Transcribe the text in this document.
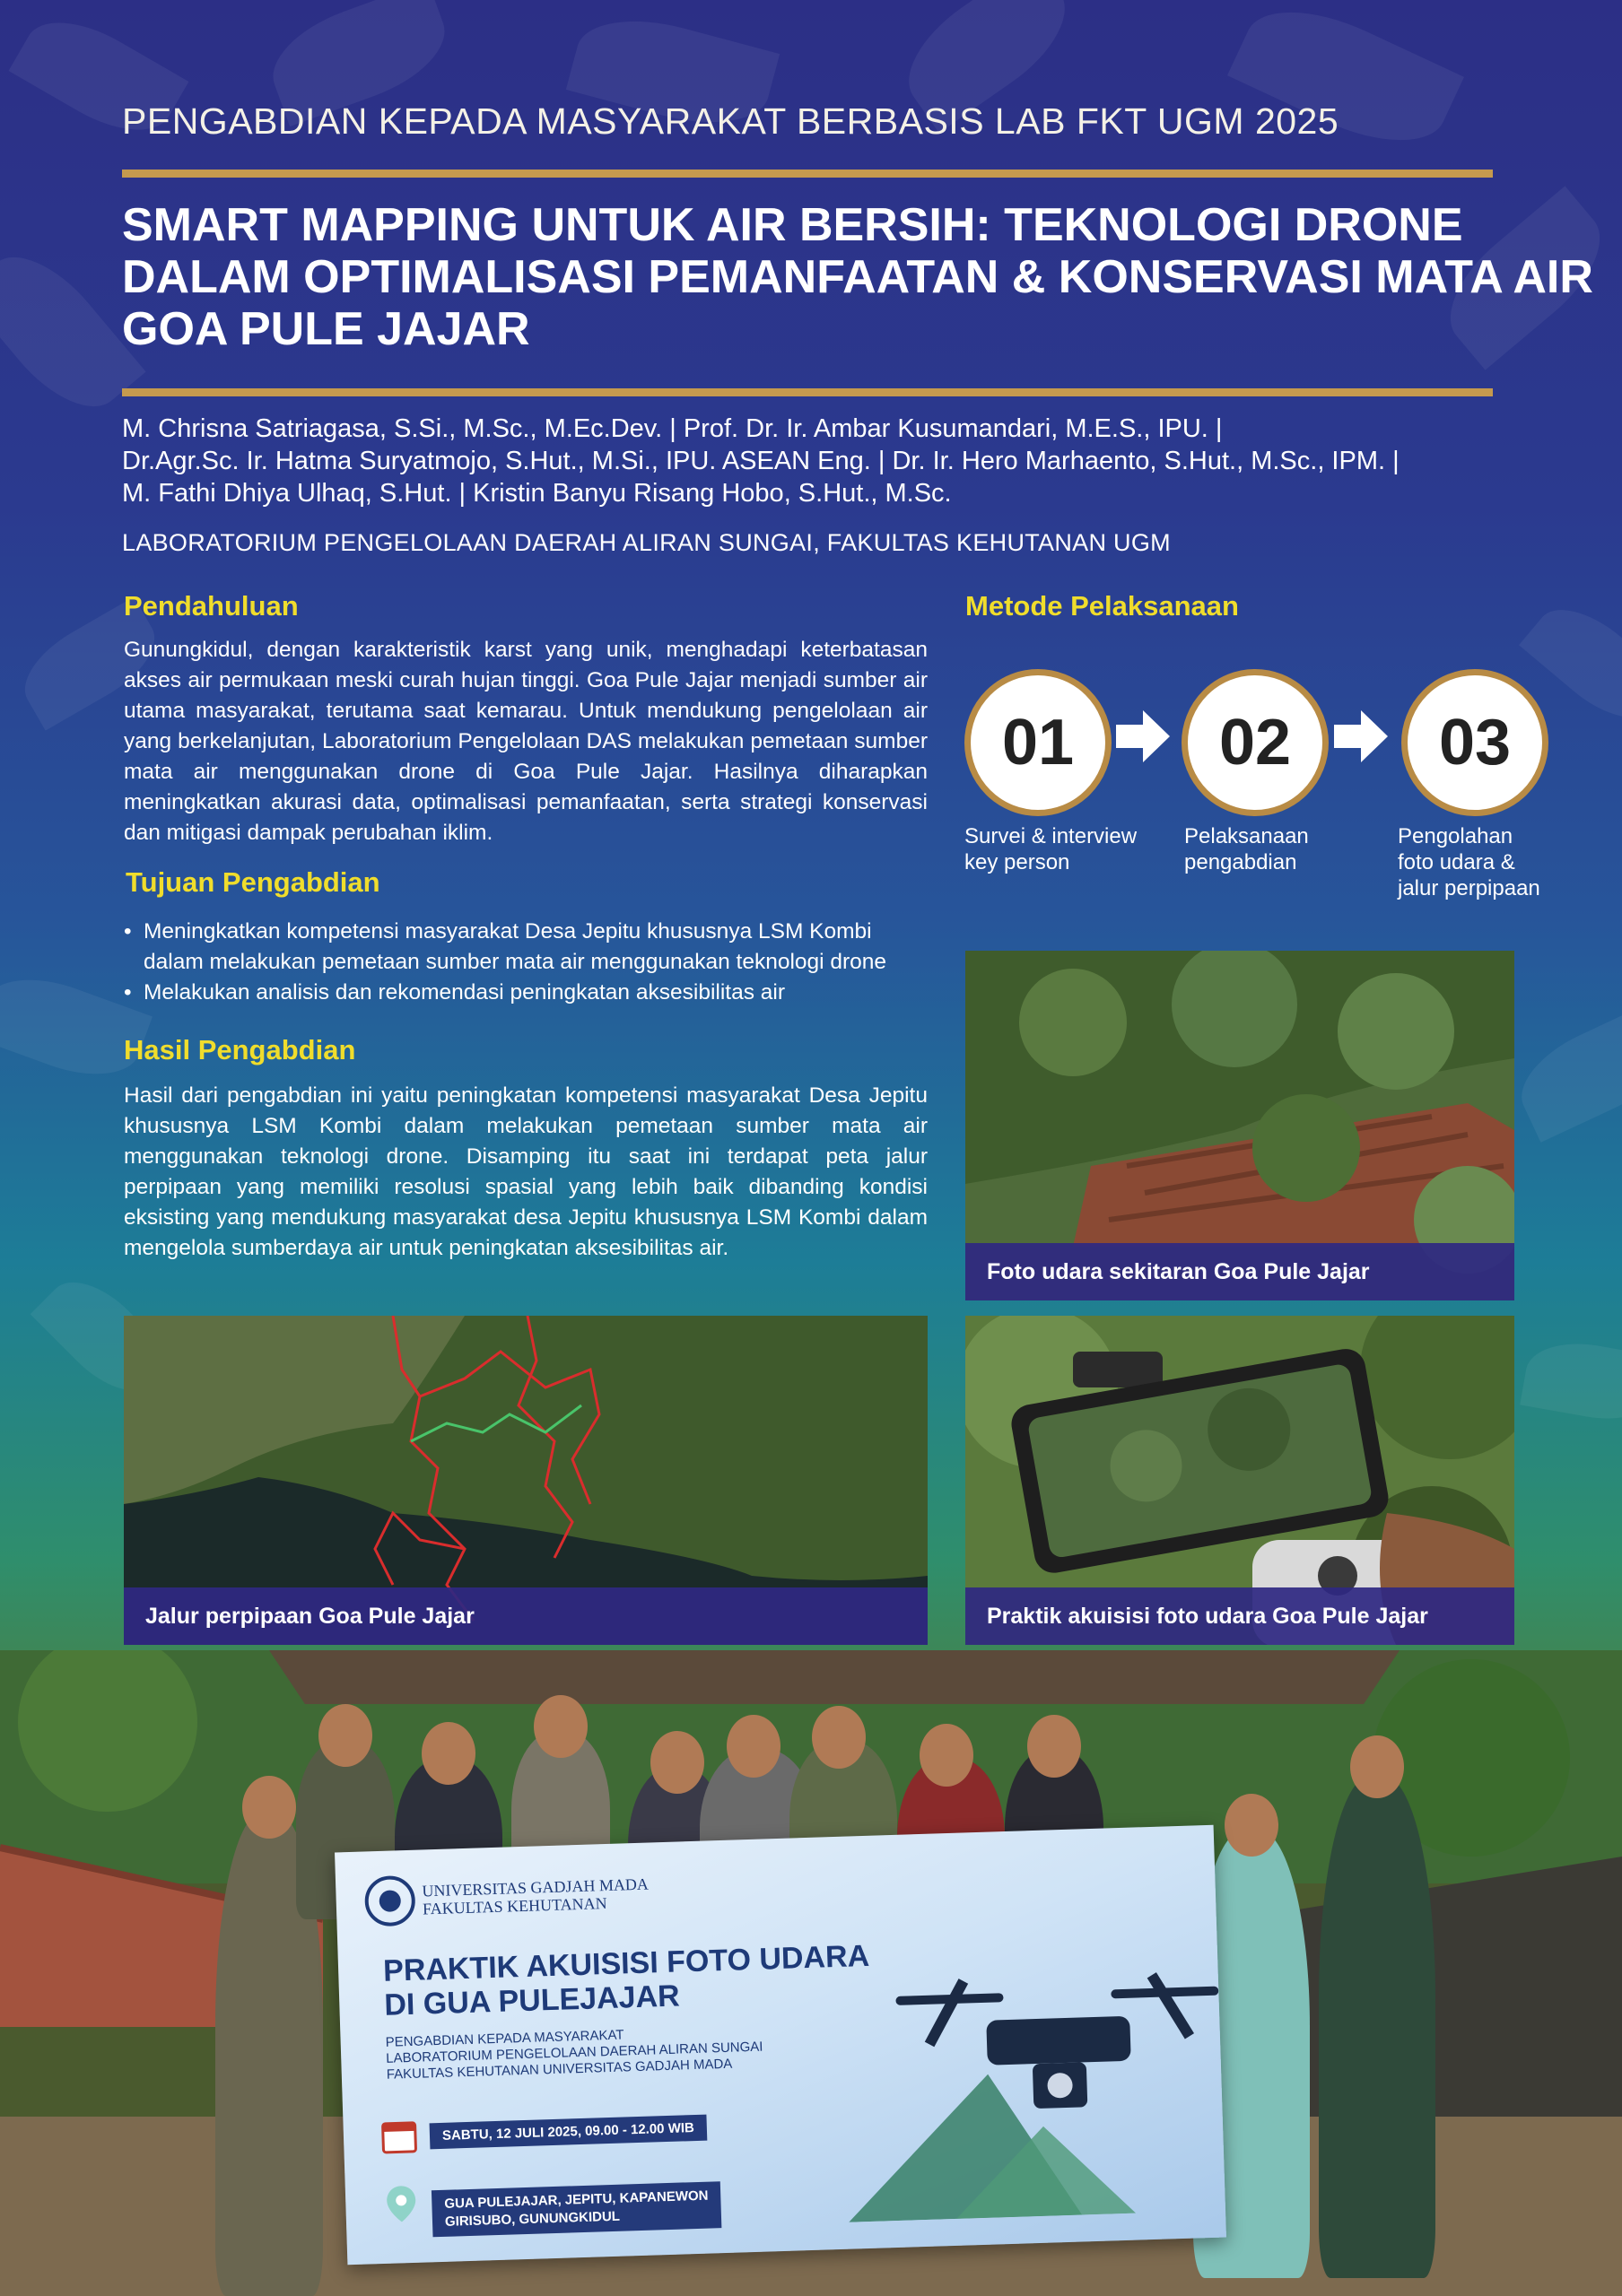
PENGABDIAN KEPADA MASYARAKAT BERBASIS LAB FKT UGM 2025
SMART MAPPING UNTUK AIR BERSIH: TEKNOLOGI DRONE DALAM OPTIMALISASI PEMANFAATAN & KONSERVASI MATA AIR GOA PULE JAJAR
M. Chrisna Satriagasa, S.Si., M.Sc., M.Ec.Dev. | Prof. Dr. Ir. Ambar Kusumandari, M.E.S., IPU. |
Dr.Agr.Sc. Ir. Hatma Suryatmojo, S.Hut., M.Si., IPU. ASEAN Eng. | Dr. Ir. Hero Marhaento, S.Hut., M.Sc., IPM. |
M. Fathi Dhiya Ulhaq, S.Hut. | Kristin Banyu Risang Hobo, S.Hut., M.Sc.
LABORATORIUM PENGELOLAAN DAERAH ALIRAN SUNGAI, FAKULTAS KEHUTANAN UGM
Pendahuluan
Gunungkidul, dengan karakteristik karst yang unik, menghadapi keterbatasan akses air permukaan meski curah hujan tinggi. Goa Pule Jajar menjadi sumber air utama masyarakat, terutama saat kemarau. Untuk mendukung pengelolaan air yang berkelanjutan, Laboratorium Pengelolaan DAS melakukan pemetaan sumber mata air menggunakan drone di Goa Pule Jajar. Hasilnya diharapkan meningkatkan akurasi data, optimalisasi pemanfaatan, serta strategi konservasi dan mitigasi dampak perubahan iklim.
Tujuan Pengabdian
• Meningkatkan kompetensi masyarakat Desa Jepitu khususnya LSM Kombi dalam melakukan pemetaan sumber mata air menggunakan teknologi drone
• Melakukan analisis dan rekomendasi peningkatan aksesibilitas air
Hasil Pengabdian
Hasil dari pengabdian ini yaitu peningkatan kompetensi masyarakat Desa Jepitu khususnya LSM Kombi dalam melakukan pemetaan sumber mata air menggunakan teknologi drone. Disamping itu saat ini terdapat peta jalur perpipaan yang memiliki resolusi spasial yang lebih baik dibanding kondisi eksisting yang mendukung masyarakat desa Jepitu khususnya LSM Kombi dalam mengelola sumberdaya air untuk peningkatan aksesibilitas air.
Metode Pelaksanaan
01	02	03
Survei & interview
key person
Pelaksanaan
pengabdian
Pengolahan
foto udara &
jalur perpipaan
Foto udara sekitaran Goa Pule Jajar
Jalur perpipaan Goa Pule Jajar	Praktik akuisisi foto udara Goa Pule Jajar
UNIVERSITAS GADJAH MADA
FAKULTAS KEHUTANAN
PRAKTIK AKUISISI FOTO UDARA
DI GUA PULEJAJAR
PENGABDIAN KEPADA MASYARAKAT
LABORATORIUM PENGELOLAAN DAERAH ALIRAN SUNGAI
FAKULTAS KEHUTANAN UNIVERSITAS GADJAH MADA
SABTU, 12 JULI 2025, 09.00 - 12.00 WIB
GUA PULEJAJAR, JEPITU, KAPANEWON
GIRISUBO, GUNUNGKIDUL
